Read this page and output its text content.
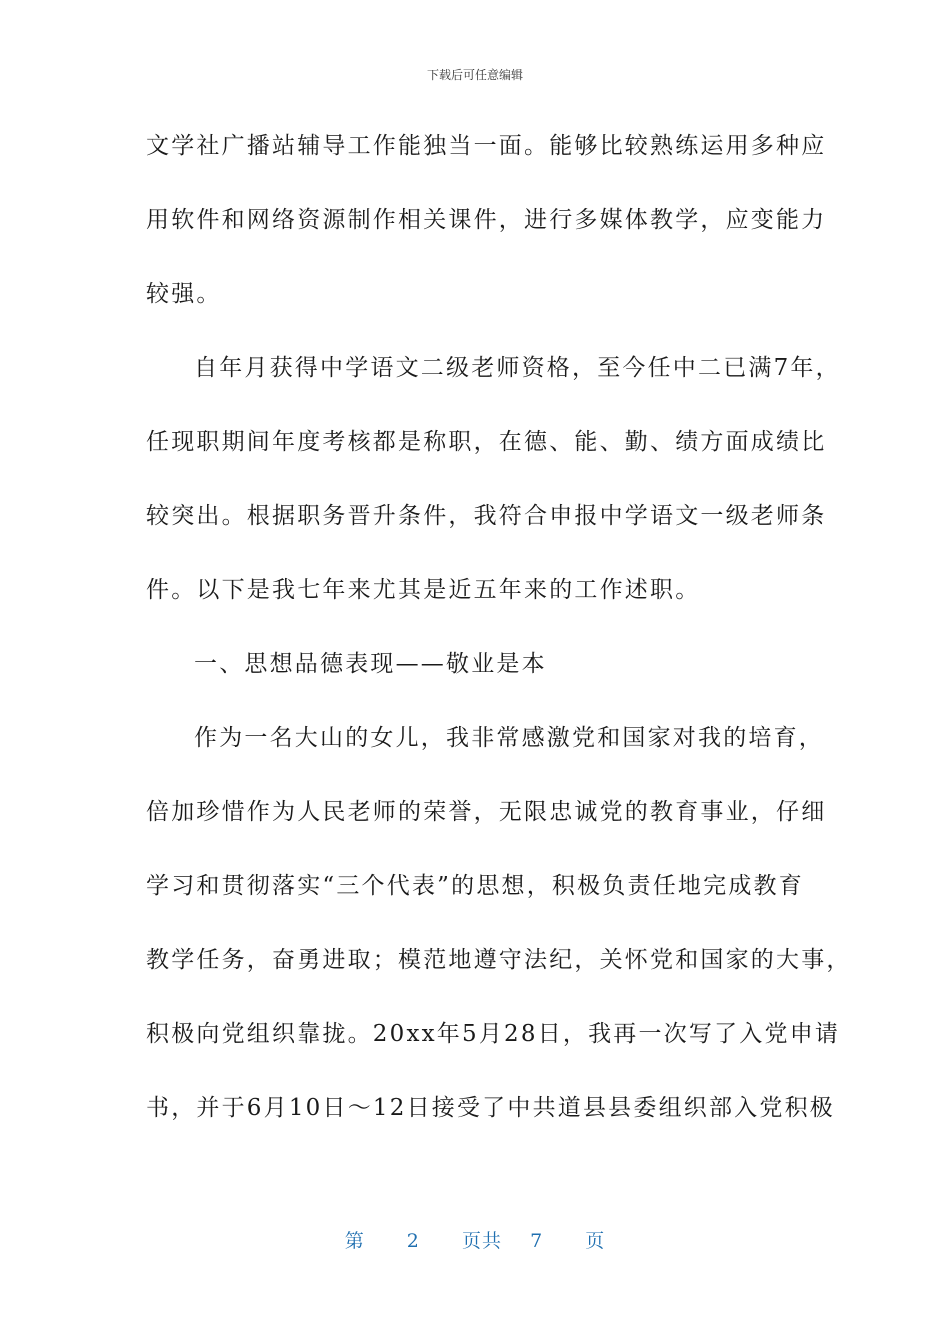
下载后可任意编辑
文学社广播站辅导工作能独当一面。能够比较熟练运用多种应
用软件和网络资源制作相关课件，进行多媒体教学，应变能力
较强。
自年月获得中学语文二级老师资格，至今任中二已满7年，
任现职期间年度考核都是称职，在德、能、勤、绩方面成绩比
较突出。根据职务晋升条件，我符合申报中学语文一级老师条
件。以下是我七年来尤其是近五年来的工作述职。
一、思想品德表现——敬业是本
作为一名大山的女儿，我非常感激党和国家对我的培育，
倍加珍惜作为人民老师的荣誉，无限忠诚党的教育事业，仔细
学习和贯彻落实“三个代表”的思想，积极负责任地完成教育
教学任务，奋勇进取；模范地遵守法纪，关怀党和国家的大事，
积极向党组织靠拢。20xx年5月28日，我再一次写了入党申请
书，并于6月10日～12日接受了中共道县县委组织部入党积极
第 2 页共 7 页
